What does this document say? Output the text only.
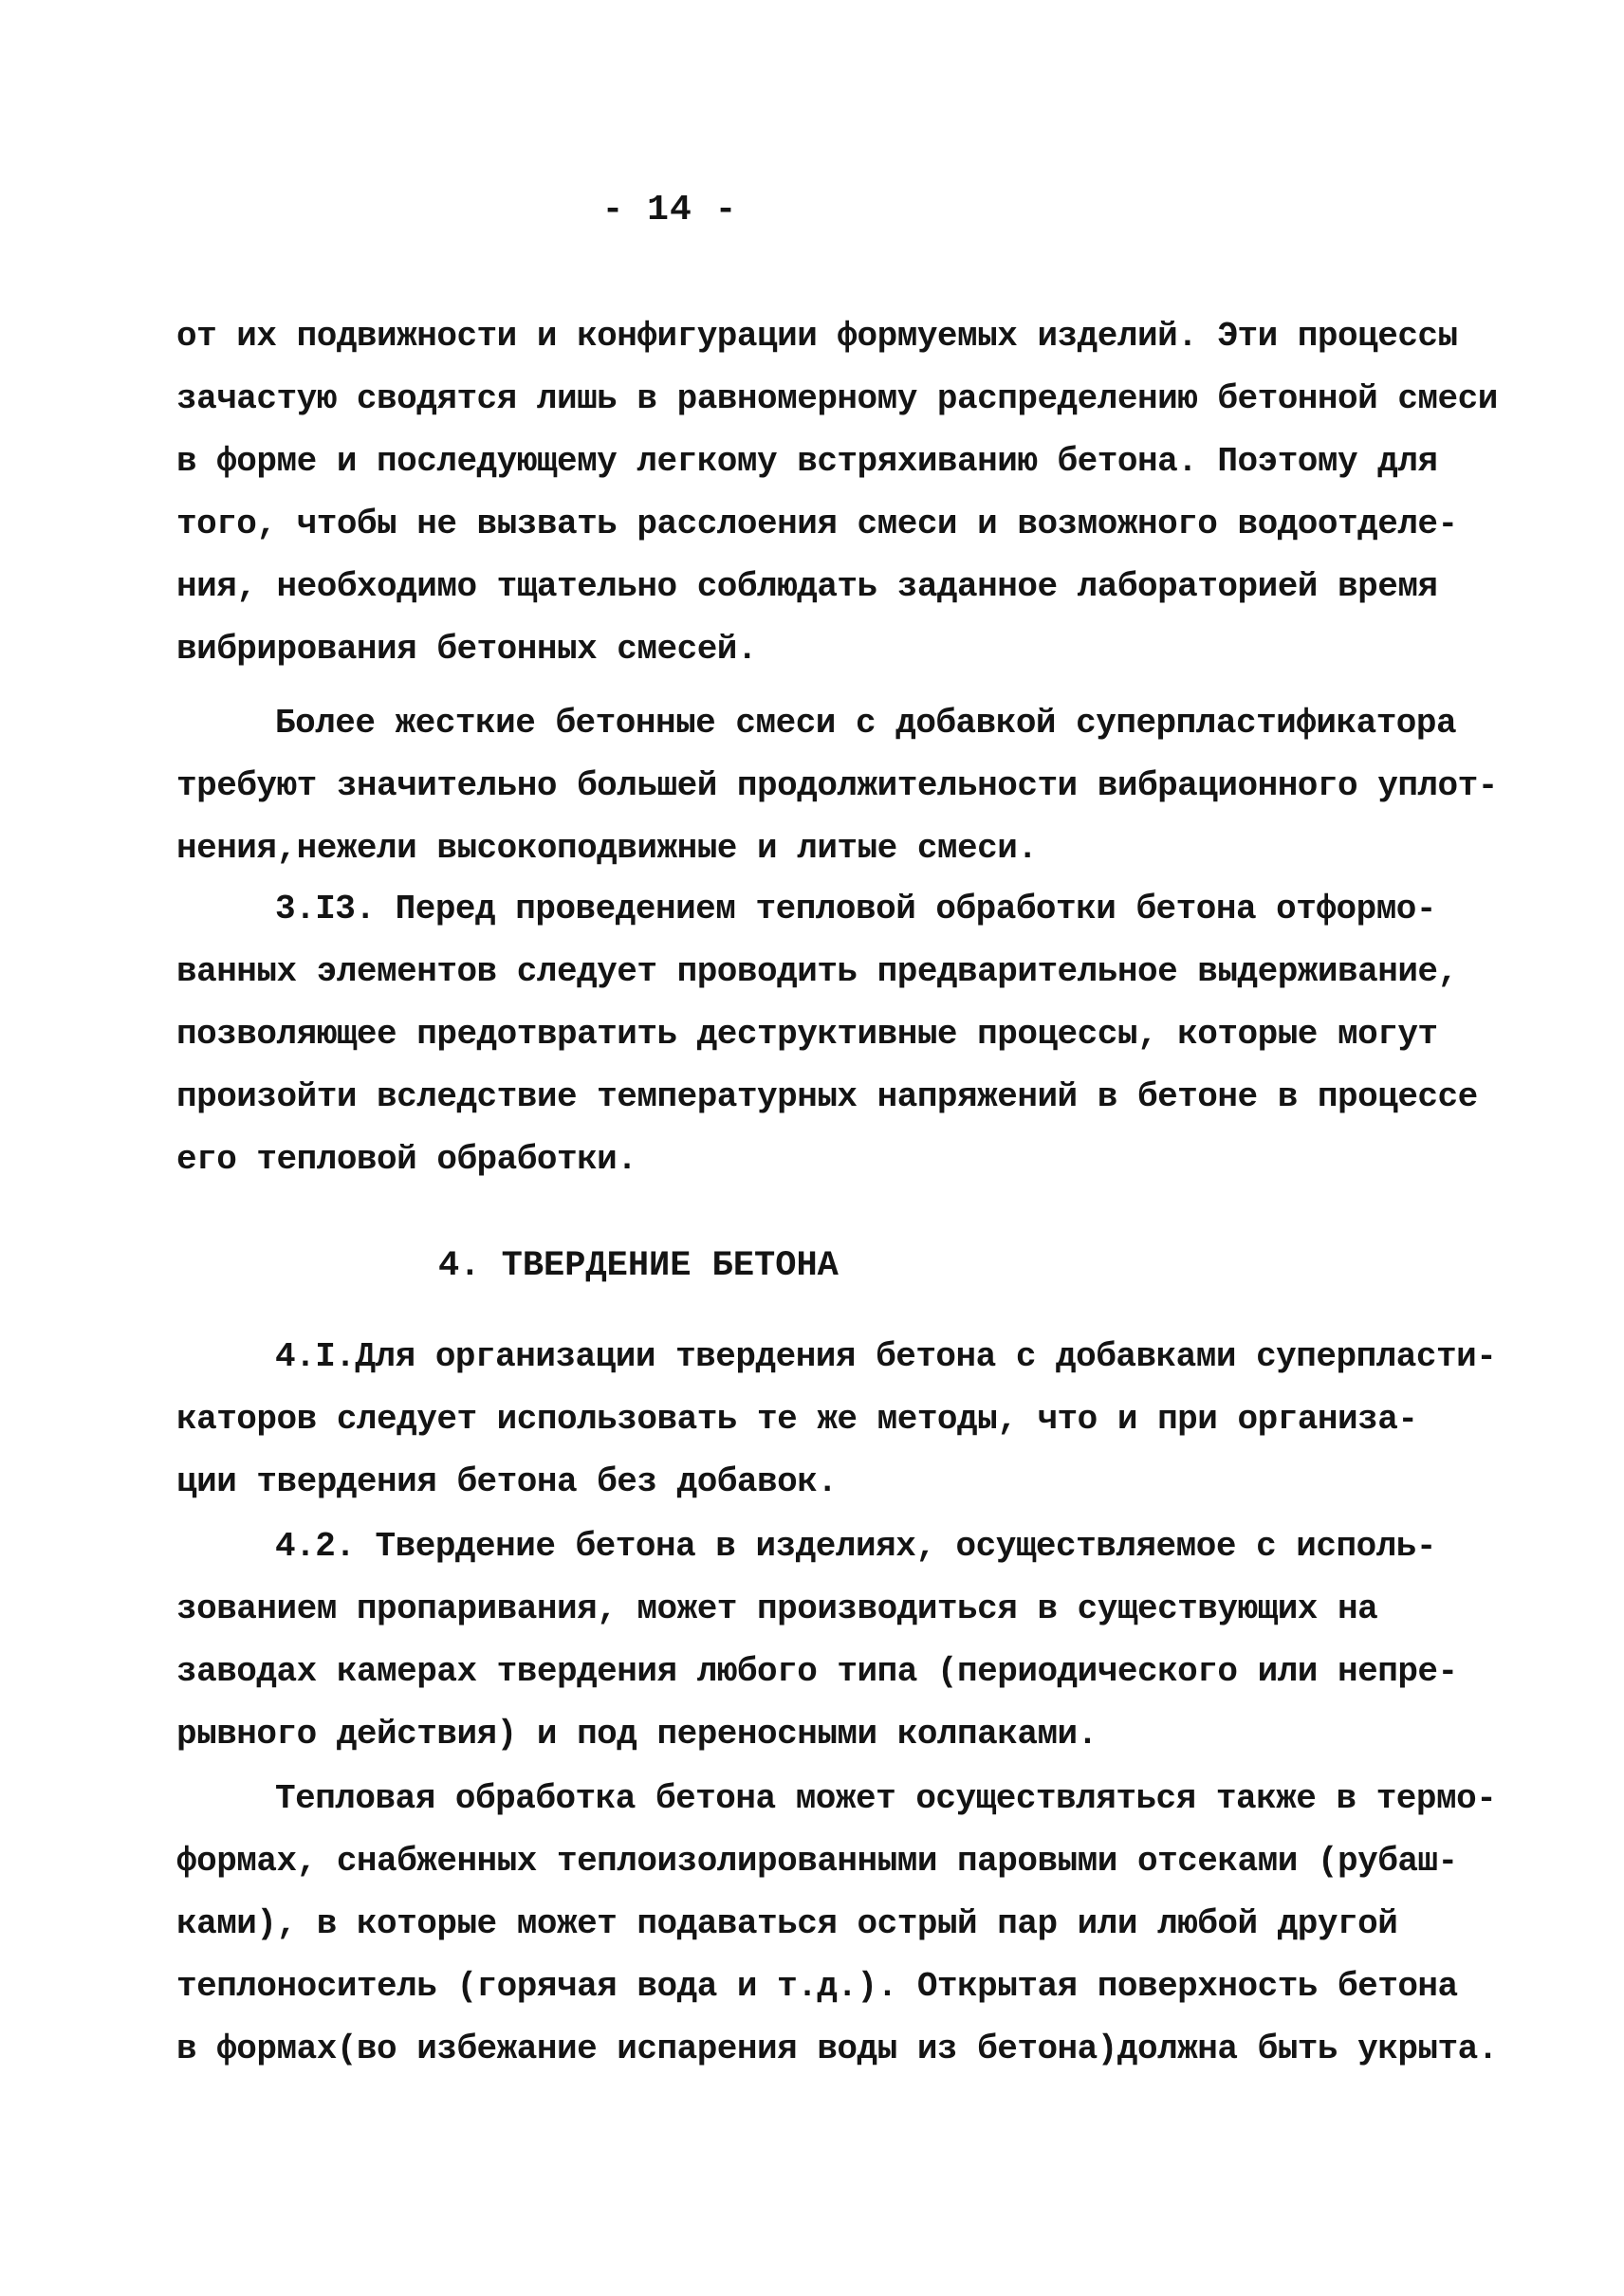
- 14 -
от их подвижности и конфигурации формуемых изделий. Эти процессы
зачастую сводятся лишь в равномерному распределению бетонной смеси
в форме и последующему легкому встряхиванию бетона. Поэтому для
того, чтобы не вызвать расслоения смеси и возможного водоотделе-
ния, необходимо тщательно соблюдать заданное лабораторией время
вибрирования бетонных смесей.
Более жесткие бетонные смеси с добавкой суперпластификатора
требуют значительно большей продолжительности вибрационного уплот-
нения,нежели высокоподвижные и литые смеси.
3.I3. Перед проведением тепловой обработки бетона отформо-
ванных элементов следует проводить предварительное выдерживание,
позволяющее предотвратить деструктивные процессы, которые могут
произойти вследствие температурных напряжений в бетоне в процессе
его тепловой обработки.
4. ТВЕРДЕНИЕ БЕТОНА
4.I.Для организации твердения бетона с добавками суперпласти-
каторов следует использовать те же методы, что и при организа-
ции твердения бетона без добавок.
4.2. Твердение бетона в изделиях, осуществляемое с исполь-
зованием пропаривания, может производиться в существующих на
заводах камерах твердения любого типа (периодического или непре-
рывного действия) и под переносными колпаками.
Тепловая обработка бетона может осуществляться также в термо-
формах, снабженных теплоизолированными паровыми отсеками (рубаш-
ками), в которые может подаваться острый пар или любой другой
теплоноситель (горячая вода и т.д.). Открытая поверхность бетона
в формах(во избежание испарения воды из бетона)должна быть укрыта.
